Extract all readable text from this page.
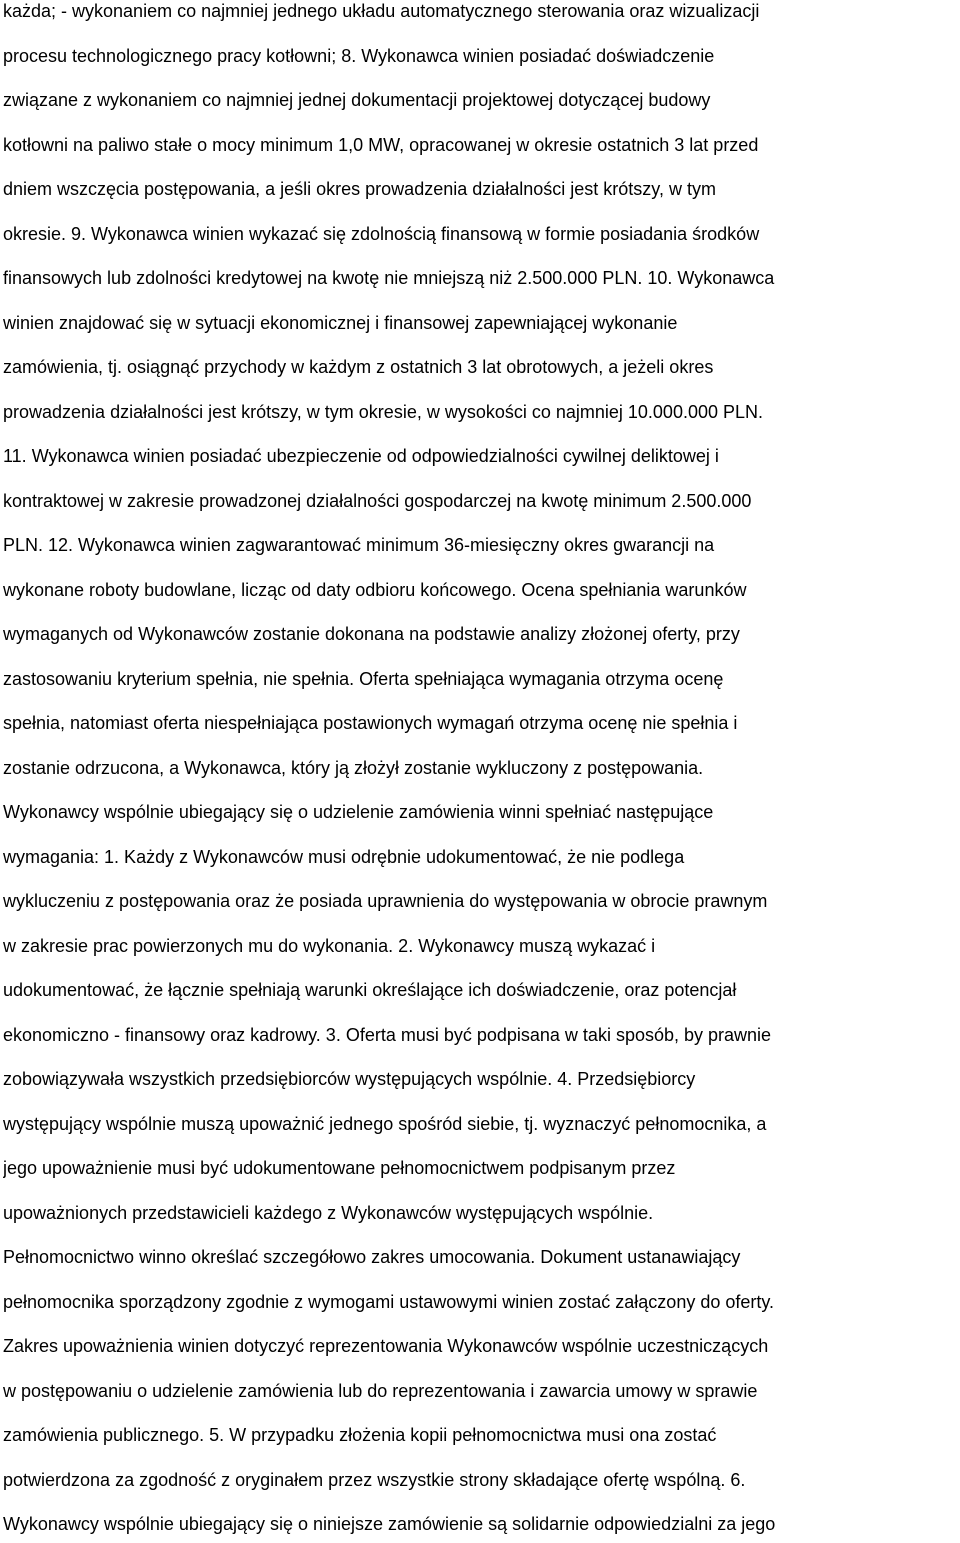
każda; - wykonaniem co najmniej jednego układu automatycznego sterowania oraz wizualizacji
procesu technologicznego pracy kotłowni; 8. Wykonawca winien posiadać doświadczenie
związane z wykonaniem co najmniej jednej dokumentacji projektowej dotyczącej budowy
kotłowni na paliwo stałe o mocy minimum 1,0 MW, opracowanej w okresie ostatnich 3 lat przed
dniem wszczęcia postępowania, a jeśli okres prowadzenia działalności jest krótszy, w tym
okresie. 9. Wykonawca winien wykazać się zdolnością finansową w formie posiadania środków
finansowych lub zdolności kredytowej na kwotę nie mniejszą niż 2.500.000 PLN. 10. Wykonawca
winien znajdować się w sytuacji ekonomicznej i finansowej zapewniającej wykonanie
zamówienia, tj. osiągnąć przychody w każdym z ostatnich 3 lat obrotowych, a jeżeli okres
prowadzenia działalności jest krótszy, w tym okresie, w wysokości co najmniej 10.000.000 PLN.
11. Wykonawca winien posiadać ubezpieczenie od odpowiedzialności cywilnej deliktowej i
kontraktowej w zakresie prowadzonej działalności gospodarczej na kwotę minimum 2.500.000
PLN. 12. Wykonawca winien zagwarantować minimum 36-miesięczny okres gwarancji na
wykonane roboty budowlane, licząc od daty odbioru końcowego. Ocena spełniania warunków
wymaganych od Wykonawców zostanie dokonana na podstawie analizy złożonej oferty, przy
zastosowaniu kryterium spełnia, nie spełnia. Oferta spełniająca wymagania otrzyma ocenę
spełnia, natomiast oferta niespełniająca postawionych wymagań otrzyma ocenę nie spełnia i
zostanie odrzucona, a Wykonawca, który ją złożył zostanie wykluczony z postępowania.
Wykonawcy wspólnie ubiegający się o udzielenie zamówienia winni spełniać następujące
wymagania: 1. Każdy z Wykonawców musi odrębnie udokumentować, że nie podlega
wykluczeniu z postępowania oraz że posiada uprawnienia do występowania w obrocie prawnym
w zakresie prac powierzonych mu do wykonania. 2. Wykonawcy muszą wykazać i
udokumentować, że łącznie spełniają warunki określające ich doświadczenie, oraz potencjał
ekonomiczno - finansowy oraz kadrowy. 3. Oferta musi być podpisana w taki sposób, by prawnie
zobowiązywała wszystkich przedsiębiorców występujących wspólnie. 4. Przedsiębiorcy
występujący wspólnie muszą upoważnić jednego spośród siebie, tj. wyznaczyć pełnomocnika, a
jego upoważnienie musi być udokumentowane pełnomocnictwem podpisanym przez
upoważnionych przedstawicieli każdego z Wykonawców występujących wspólnie.
Pełnomocnictwo winno określać szczegółowo zakres umocowania. Dokument ustanawiający
pełnomocnika sporządzony zgodnie z wymogami ustawowymi winien zostać załączony do oferty.
Zakres upoważnienia winien dotyczyć reprezentowania Wykonawców wspólnie uczestniczących
w postępowaniu o udzielenie zamówienia lub do reprezentowania i zawarcia umowy w sprawie
zamówienia publicznego. 5. W przypadku złożenia kopii pełnomocnictwa musi ona zostać
potwierdzona za zgodność z oryginałem przez wszystkie strony składające ofertę wspólną. 6.
Wykonawcy wspólnie ubiegający się o niniejsze zamówienie są solidarnie odpowiedzialni za jego
